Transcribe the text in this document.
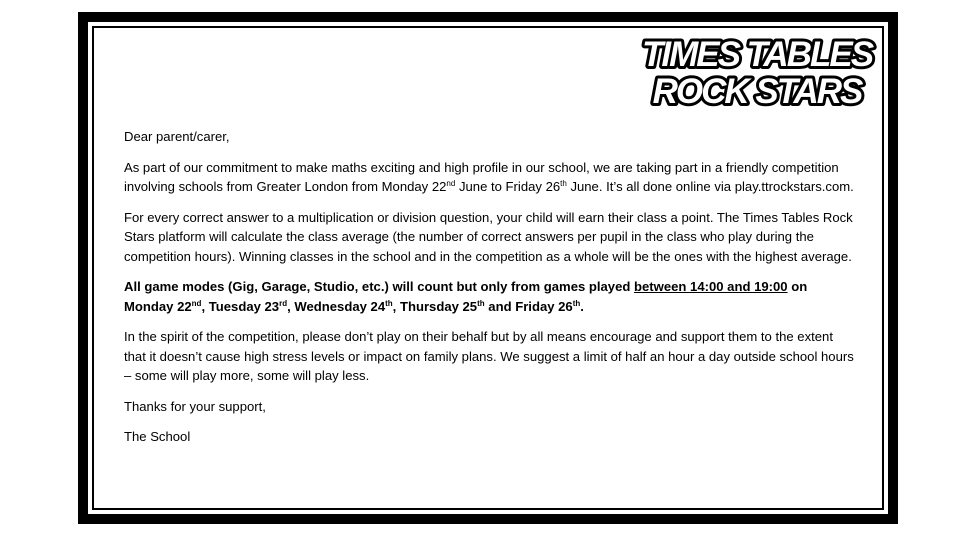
TIMES TABLES
ROCK STARS

Dear parent/carer,

As part of our commitment to make maths exciting and high profile in our school, we are taking part in a friendly competition involving schools from Greater London from Monday 22nd June to Friday 26th June. It’s all done online via play.ttrockstars.com.

For every correct answer to a multiplication or division question, your child will earn their class a point. The Times Tables Rock Stars platform will calculate the class average (the number of correct answers per pupil in the class who play during the competition hours). Winning classes in the school and in the competition as a whole will be the ones with the highest average.

All game modes (Gig, Garage, Studio, etc.) will count but only from games played between 14:00 and 19:00 on Monday 22nd, Tuesday 23rd, Wednesday 24th, Thursday 25th and Friday 26th.

In the spirit of the competition, please don’t play on their behalf but by all means encourage and support them to the extent that it doesn’t cause high stress levels or impact on family plans. We suggest a limit of half an hour a day outside school hours – some will play more, some will play less.

Thanks for your support,

The School
